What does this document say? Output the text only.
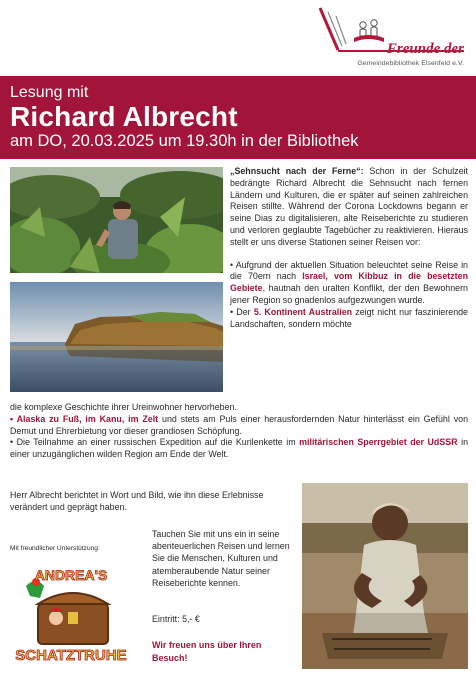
Freunde der
Gemeindebibliothek Elsenfeld e.V.
Lesung mit
Richard Albrecht
am DO, 20.03.2025 um 19.30h in der Bibliothek

„Sehnsucht nach der Ferne“: Schon in der Schulzeit bedrängte Richard Albrecht die Sehnsucht nach fernen Ländern und Kulturen, die er später auf seinen zahlreichen Reisen stillte. Während der Corona Lockdowns begann er seine Dias zu digitalisieren, alte Reiseberichte zu studieren und verloren geglaubte Tagebücher zu reaktivieren. Hieraus stellt er uns diverse Stationen seiner Reisen vor:

• Aufgrund der aktuellen Situation beleuchtet seine Reise in die 70ern nach Israel, vom Kibbuz in die besetzten Gebiete, hautnah den uralten Konflikt, der den Bewohnern jener Region so gnadenlos aufgezwungen wurde.

• Der 5. Kontinent Australien zeigt nicht nur faszinierende Landschaften, sondern möchte

die komplexe Geschichte ihrer Ureinwohner hervorheben.

• Alaska zu Fuß, im Kanu, im Zelt und stets am Puls einer herausfordernden Natur hinterlässt ein Gefühl von Demut und Ehrerbietung vor dieser grandiosen Schöpfung.

• Die Teilnahme an einer russischen Expedition auf die Kurilenkette im militärischen Sperrgebiet der UdSSR in einer unzugänglichen wilden Region am Ende der Welt.

Herr Albrecht berichtet in Wort und Bild, wie ihn diese Erlebnisse verändert und geprägt haben.
Mit freundlicher Unterstützung:
ANDREA'S
SCHATZTRUHE
Tauchen Sie mit uns ein in seine abenteuerlichen Reisen und lernen Sie die Menschen, Kulturen und atemberaubende Natur seiner Reiseberichte kennen.
Eintritt: 5,- €
Wir freuen uns über Ihren Besuch!
